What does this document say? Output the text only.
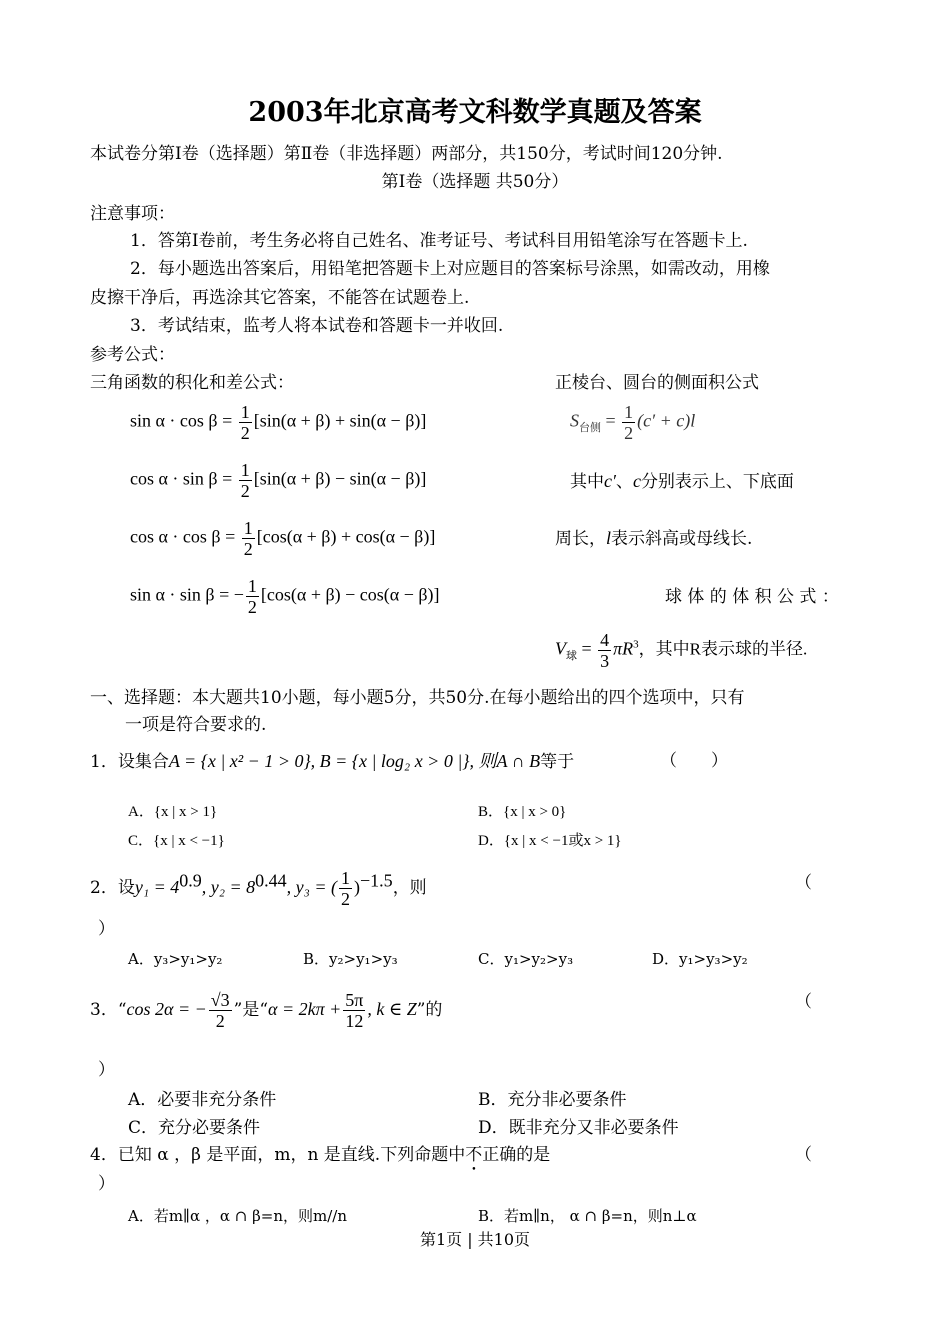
2003年北京高考文科数学真题及答案
本试卷分第Ⅰ卷（选择题）第Ⅱ卷（非选择题）两部分，共150分，考试时间120分钟.
第Ⅰ卷（选择题 共50分）
注意事项：
1．答第Ⅰ卷前，考生务必将自己姓名、准考证号、考试科目用铅笔涂写在答题卡上.
2．每小题选出答案后，用铅笔把答题卡上对应题目的答案标号涂黑，如需改动，用橡
皮擦干净后，再选涂其它答案，不能答在试题卷上.
3．考试结束，监考人将本试卷和答题卡一并收回.
参考公式：
三角函数的积化和差公式：	正棱台、圆台的侧面积公式
$\sin \alpha \cdot \cos \beta = \frac{1}{2} [\sin(\alpha + \beta) + \sin(\alpha - \beta)]$
$\cos \alpha \cdot \sin \beta = \frac{1}{2} [\sin(\alpha + \beta) - \sin(\alpha - \beta)]$
$\cos \alpha \cdot \cos \beta = \frac{1}{2} [\cos(\alpha + \beta) + \cos(\alpha - \beta)]$
sin α · sin β = − $\frac{1}{2} [\cos(\alpha + \beta) - \cos(\alpha - \beta)]$
$S_{台侧} = \frac{1}{2} (c' + c)l$
其中c′、c分别表示上、下底面
周长，l表示斜高或母线长.
球 体 的 体 积 公 式 ：
$V_球 = \frac{4}{3} \pi R^3$，其中R表示球的半径.
一、选择题：本大题共10小题，每小题5分，共50分.在每小题给出的四个选项中，只有
一项是符合要求的.
1．设集合A = {x | x² − 1 > 0}, B = {x | log₂ x > 0 |}, 则A ∩ B等于	（　　）
A．{x | x > 1}	B．{x | x > 0}
C．{x | x < −1}	D．{x | x < −1或x > 1}
2．设$y_1 = 4^{0.9}$, $y_2 = 8^{0.44}$, y₃ = ( $\frac{1}{2} )^{-1.5}$，则	（
）
A．y₃>y₁>y₂	B．y₂>y₁>y₃	C．y₁>y₂>y₃	D．y₁>y₃>y₂
3．“cos 2α = − $\frac{√3}{2}$ ”是“$\alpha = 2k\pi + \frac{5\pi}{12}$ , k ∈ Z”的	（
）
A．必要非充分条件	B．充分非必要条件
C．充分必要条件	D．既非充分又非必要条件
4．已知 α ，β 是平面，m，n 是直线.下列命题中不正确的是	（
）
A．若m∥α ，α ∩ β=n，则m//n	B．若m∥n， α ∩ β=n，则n⊥α
第1页 | 共10页
